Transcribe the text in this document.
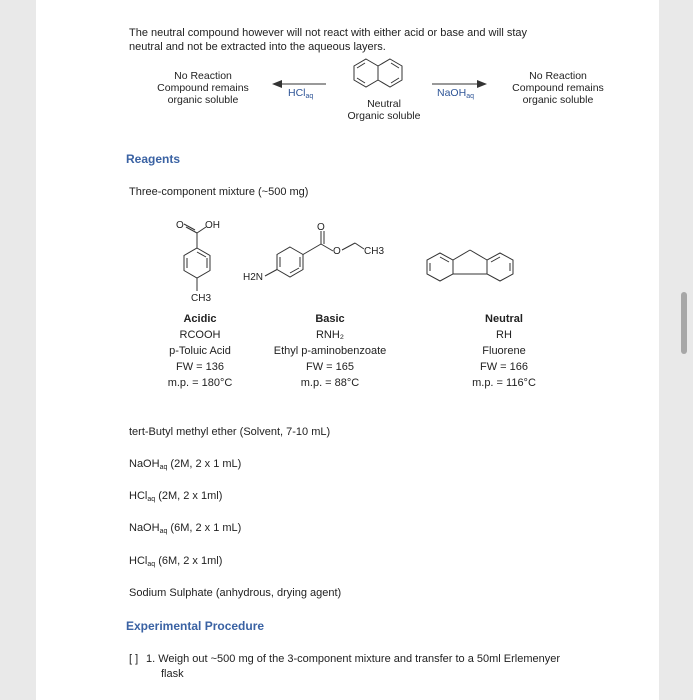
The neutral compound however will not react with either acid or base and will stay
neutral and not be extracted into the aqueous layers.
No Reaction
Compound remains
organic soluble
HCl$_{aq}$
Neutral
Organic soluble
NaOH$_{aq}$
No Reaction
Compound remains
organic soluble
Reagents
Three-component mixture (~500 mg)
O OH
CH3
O
O CH3
H2N
Acidic
RCOOH
p-Toluic Acid
FW = 136
m.p. = 180°C
Basic
RNH₂
Ethyl p-aminobenzoate
FW = 165
m.p. = 88°C
Neutral
RH
Fluorene
FW = 166
m.p. = 116°C
tert-Butyl methyl ether (Solvent, 7-10 mL)
NaOH$_{aq}$ (2M, 2 x 1 mL)
HCl$_{aq}$ (2M, 2 x 1ml)
NaOH$_{aq}$ (6M, 2 x 1 mL)
HCl$_{aq}$ (6M, 2 x 1ml)
Sodium Sulphate (anhydrous, drying agent)
Experimental Procedure
[ ] 1. Weigh out ~500 mg of the 3-component mixture and transfer to a 50ml Erlemenyer
flask
